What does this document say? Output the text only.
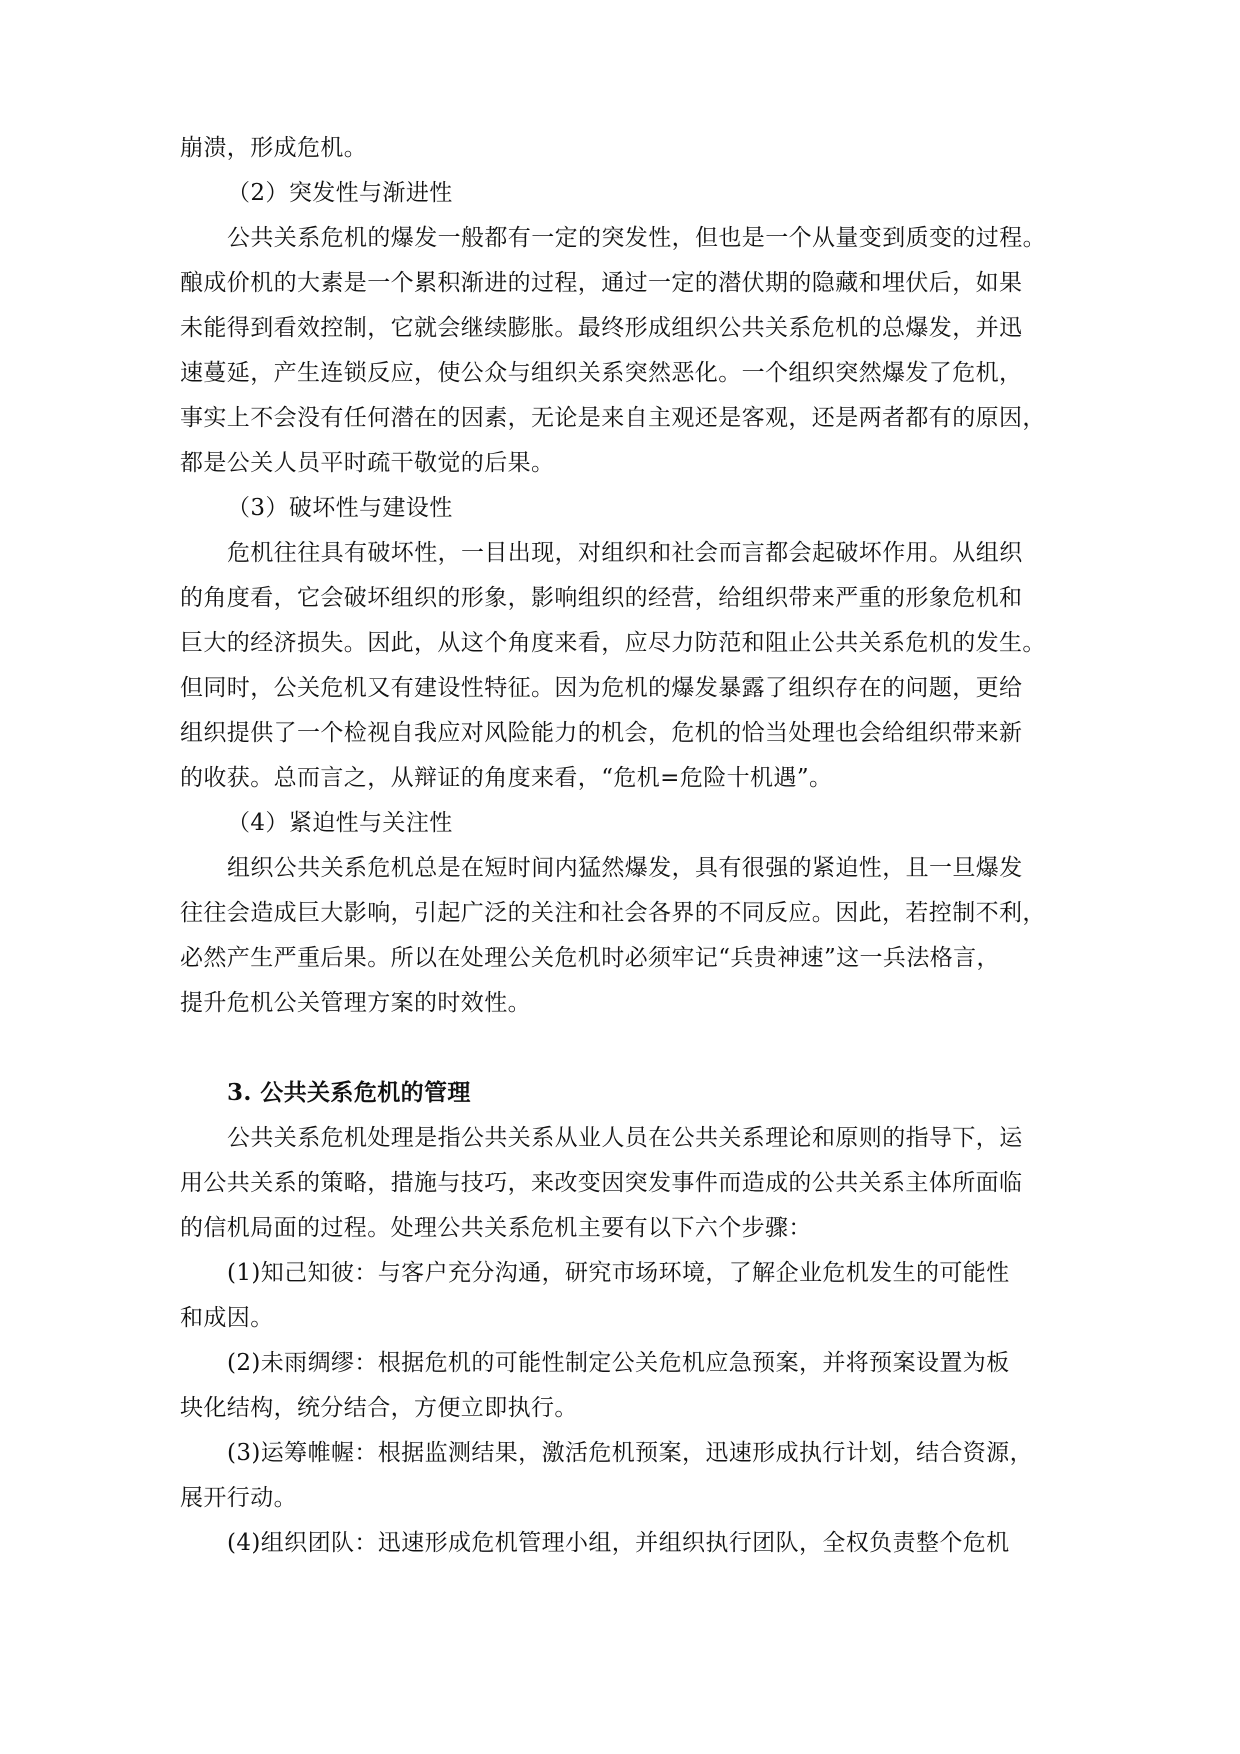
崩溃，形成危机。
（2）突发性与渐进性
公共关系危机的爆发一般都有一定的突发性，但也是一个从量变到质变的过程。
酿成价机的大素是一个累积渐进的过程，通过一定的潜伏期的隐藏和埋伏后，如果
未能得到看效控制，它就会继续膨胀。最终形成组织公共关系危机的总爆发，并迅
速蔓延，产生连锁反应，使公众与组织关系突然恶化。一个组织突然爆发了危机，
事实上不会没有任何潜在的因素，无论是来自主观还是客观，还是两者都有的原因，
都是公关人员平时疏干敬觉的后果。
（3）破坏性与建设性
危机往往具有破坏性，一目出现，对组织和社会而言都会起破坏作用。从组织
的角度看，它会破坏组织的形象，影响组织的经营，给组织带来严重的形象危机和
巨大的经济损失。因此，从这个角度来看，应尽力防范和阻止公共关系危机的发生。
但同时，公关危机又有建设性特征。因为危机的爆发暴露了组织存在的问题，更给
组织提供了一个检视自我应对风险能力的机会，危机的恰当处理也会给组织带来新
的收获。总而言之，从辩证的角度来看，“危机=危险十机遇”。
（4）紧迫性与关注性
组织公共关系危机总是在短时间内猛然爆发，具有很强的紧迫性，且一旦爆发
往往会造成巨大影响，引起广泛的关注和社会各界的不同反应。因此，若控制不利，
必然产生严重后果。所以在处理公关危机时必须牢记“兵贵神速”这一兵法格言，
提升危机公关管理方案的时效性。
3. 公共关系危机的管理
公共关系危机处理是指公共关系从业人员在公共关系理论和原则的指导下，运
用公共关系的策略，措施与技巧，来改变因突发事件而造成的公共关系主体所面临
的信机局面的过程。处理公共关系危机主要有以下六个步骤：
(1)知己知彼：与客户充分沟通，研究市场环境，了解企业危机发生的可能性
和成因。
(2)未雨绸缪：根据危机的可能性制定公关危机应急预案，并将预案设置为板
块化结构，统分结合，方便立即执行。
(3)运筹帷幄：根据监测结果，激活危机预案，迅速形成执行计划，结合资源，
展开行动。
(4)组织团队：迅速形成危机管理小组，并组织执行团队，全权负责整个危机
